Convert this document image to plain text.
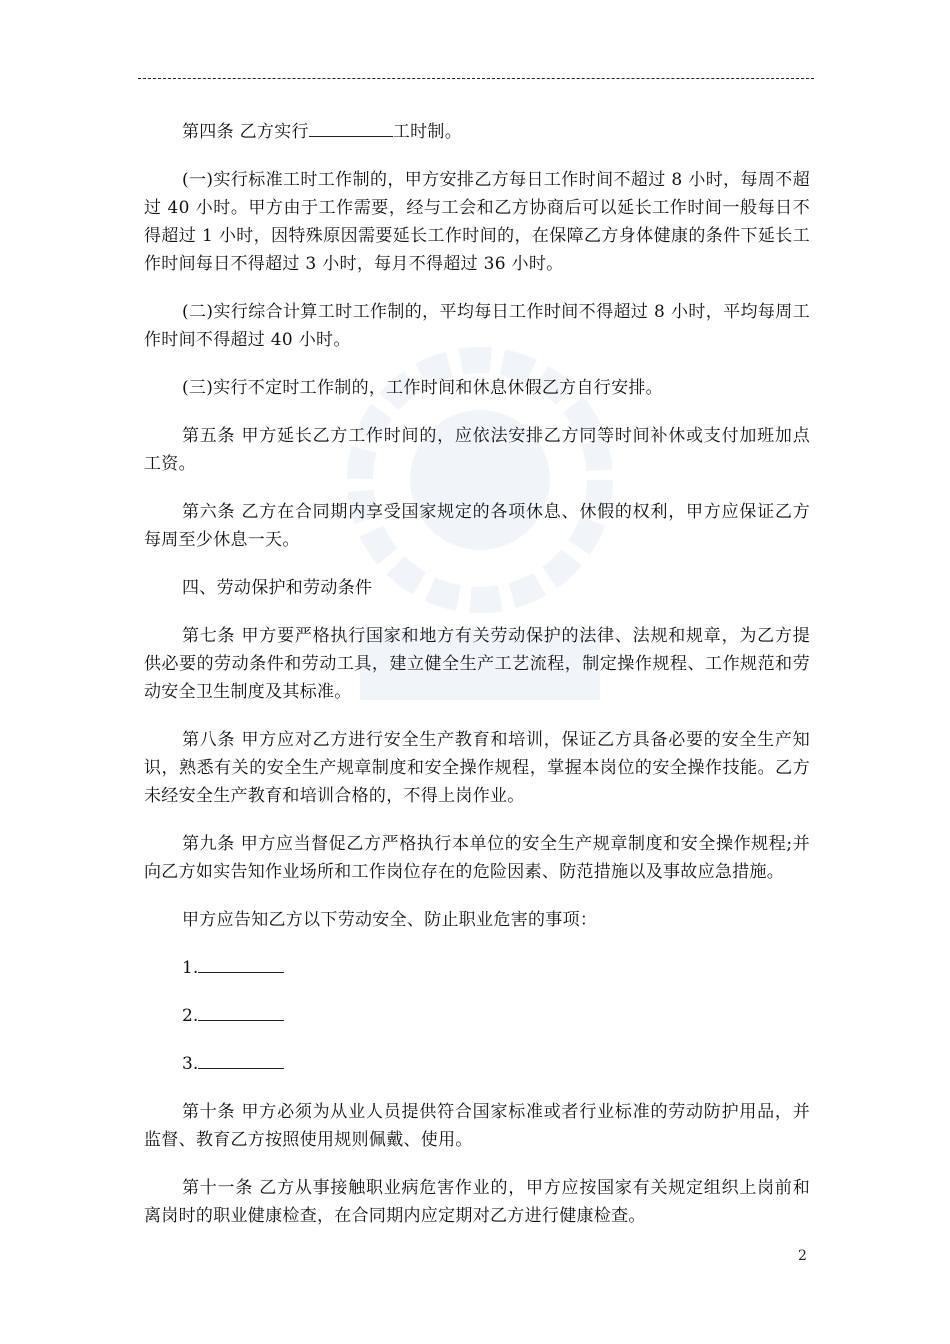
第四条 乙方实行	工时制。

(一)实行标准工时工作制的，甲方安排乙方每日工作时间不超过 8 小时，每周不超过 40 小时。甲方由于工作需要，经与工会和乙方协商后可以延长工作时间一般每日不得超过 1 小时，因特殊原因需要延长工作时间的，在保障乙方身体健康的条件下延长工作时间每日不得超过 3 小时，每月不得超过 36 小时。

(二)实行综合计算工时工作制的，平均每日工作时间不得超过 8 小时，平均每周工作时间不得超过 40 小时。

(三)实行不定时工作制的，工作时间和休息休假乙方自行安排。

第五条 甲方延长乙方工作时间的，应依法安排乙方同等时间补休或支付加班加点工资。

第六条 乙方在合同期内享受国家规定的各项休息、休假的权利，甲方应保证乙方每周至少休息一天。

四、劳动保护和劳动条件

第七条 甲方要严格执行国家和地方有关劳动保护的法律、法规和规章，为乙方提供必要的劳动条件和劳动工具，建立健全生产工艺流程，制定操作规程、工作规范和劳动安全卫生制度及其标准。

第八条 甲方应对乙方进行安全生产教育和培训，保证乙方具备必要的安全生产知识，熟悉有关的安全生产规章制度和安全操作规程，掌握本岗位的安全操作技能。乙方未经安全生产教育和培训合格的，不得上岗作业。

第九条 甲方应当督促乙方严格执行本单位的安全生产规章制度和安全操作规程;并向乙方如实告知作业场所和工作岗位存在的危险因素、防范措施以及事故应急措施。

甲方应告知乙方以下劳动安全、防止职业危害的事项：

1.

2.

3.

第十条 甲方必须为从业人员提供符合国家标准或者行业标准的劳动防护用品，并监督、教育乙方按照使用规则佩戴、使用。

第十一条 乙方从事接触职业病危害作业的，甲方应按国家有关规定组织上岗前和离岗时的职业健康检查，在合同期内应定期对乙方进行健康检查。

2
